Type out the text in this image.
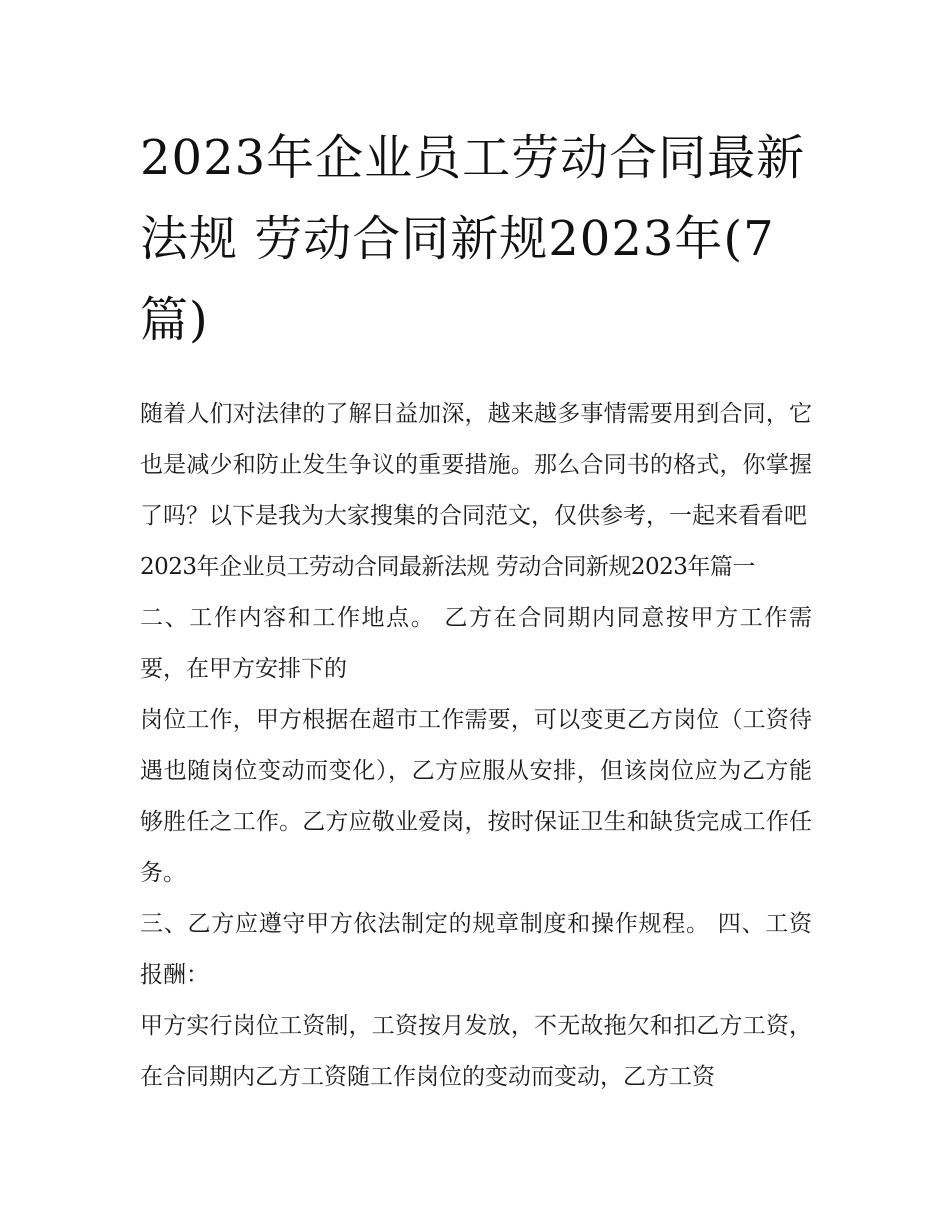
2023年企业员工劳动合同最新法规 劳动合同新规2023年(7篇)

随着人们对法律的了解日益加深，越来越多事情需要用到合同，它也是减少和防止发生争议的重要措施。那么合同书的格式，你掌握了吗？以下是我为大家搜集的合同范文，仅供参考，一起来看看吧

2023年企业员工劳动合同最新法规 劳动合同新规2023年篇一

二、工作内容和工作地点。 乙方在合同期内同意按甲方工作需要，在甲方安排下的

岗位工作，甲方根据在超市工作需要，可以变更乙方岗位（工资待遇也随岗位变动而变化），乙方应服从安排，但该岗位应为乙方能够胜任之工作。乙方应敬业爱岗，按时保证卫生和缺货完成工作任务。

三、乙方应遵守甲方依法制定的规章制度和操作规程。 四、工资报酬：

甲方实行岗位工资制，工资按月发放，不无故拖欠和扣乙方工资，在合同期内乙方工资随工作岗位的变动而变动，乙方工资
